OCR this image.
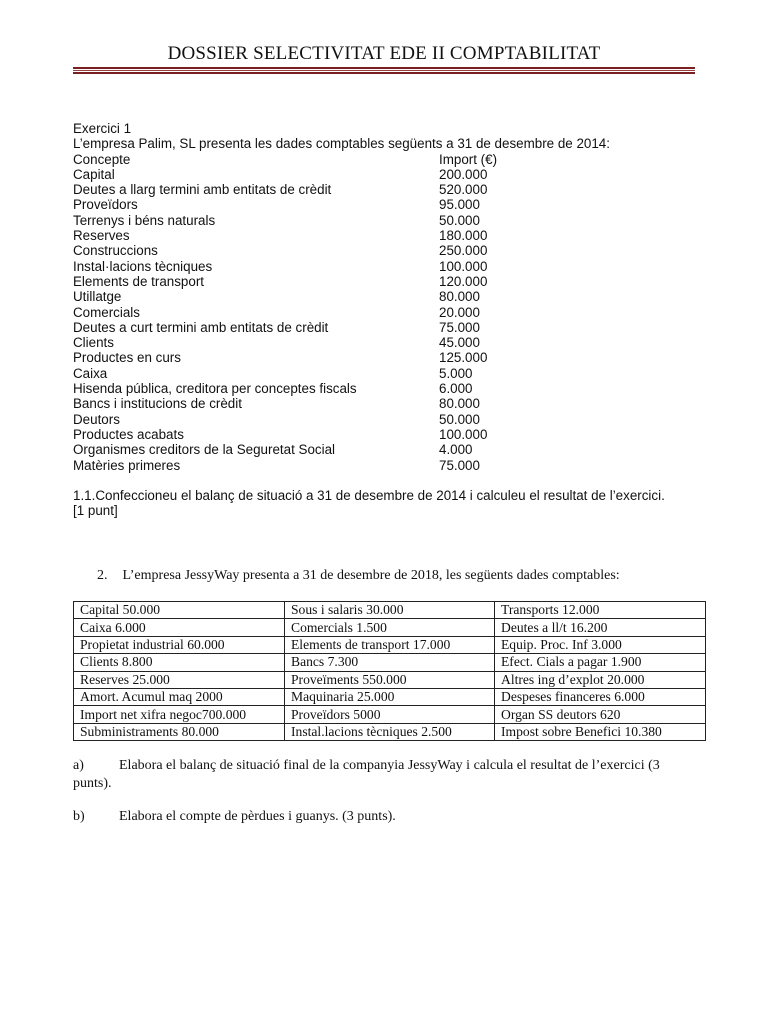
DOSSIER SELECTIVITAT EDE II COMPTABILITAT
Exercici 1
L’empresa Palim, SL presenta les dades comptables següents a 31 de desembre de 2014:
Concepte	Import (€)
Capital	200.000
Deutes a llarg termini amb entitats de crèdit	520.000
Proveïdors	95.000
Terrenys i béns naturals	50.000
Reserves	180.000
Construccions	250.000
Instal·lacions tècniques	100.000
Elements de transport	120.000
Utillatge	80.000
Comercials	20.000
Deutes a curt termini amb entitats de crèdit	75.000
Clients	45.000
Productes en curs	125.000
Caixa	5.000
Hisenda pública, creditora per conceptes fiscals	6.000
Bancs i institucions de crèdit	80.000
Deutors	50.000
Productes acabats	100.000
Organismes creditors de la Seguretat Social	4.000
Matèries primeres	75.000
1.1.Confeccioneu el balanç de situació a 31 de desembre de 2014 i calculeu el resultat de l’exercici.
[1 punt]
2. L’empresa JessyWay presenta a 31 de desembre de 2018, les següents dades comptables:
Capital 50.000	Sous i salaris 30.000	Transports 12.000
Caixa 6.000	Comercials 1.500	Deutes a ll/t 16.200
Propietat industrial 60.000	Elements de transport 17.000	Equip. Proc. Inf 3.000
Clients 8.800	Bancs 7.300	Efect. Cials a pagar 1.900
Reserves 25.000	Proveïments 550.000	Altres ing d’explot 20.000
Amort. Acumul maq 2000	Maquinaria 25.000	Despeses financeres 6.000
Import net xifra negoc700.000	Proveïdors 5000	Organ SS deutors 620
Subministraments 80.000	Instal.lacions tècniques 2.500	Impost sobre Benefici 10.380
a)	Elabora el balanç de situació final de la companyia JessyWay i calcula el resultat de l’exercici (3 punts).
b) Elabora el compte de pèrdues i guanys. (3 punts).
